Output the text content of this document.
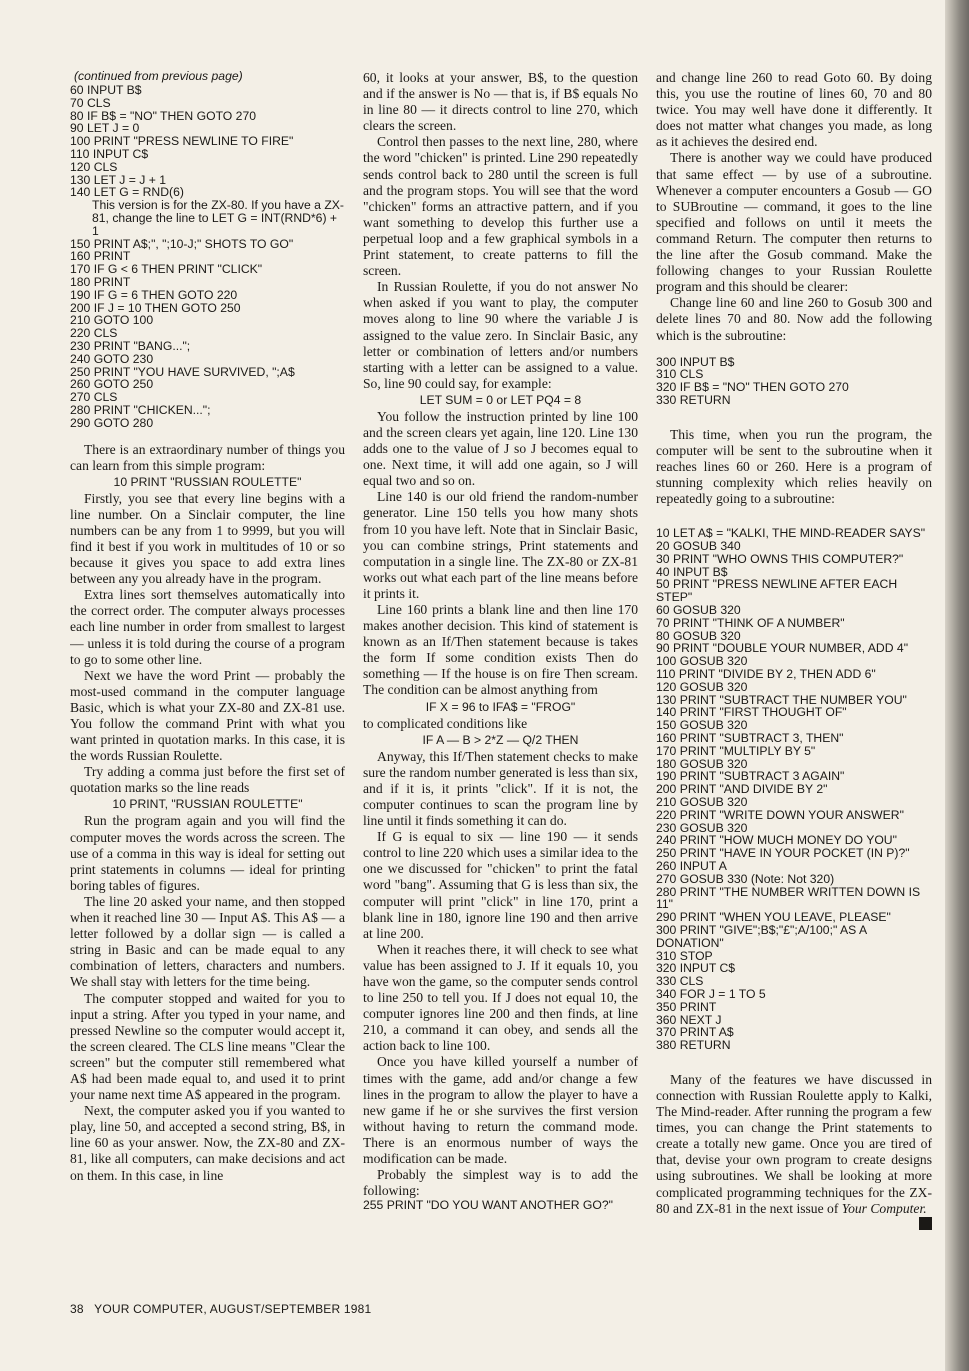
(continued from previous page)
60 INPUT B$
70 CLS
80 IF B$ = "NO" THEN GOTO 270
90 LET J = 0
100 PRINT "PRESS NEWLINE TO FIRE"
110 INPUT C$
120 CLS
130 LET J = J + 1
140 LET G = RND(6)
This version is for the ZX-80. If you have a ZX-81, change the line to LET G = INT(RND*6) + 1
150 PRINT A$;", ";10-J;" SHOTS TO GO"
160 PRINT
170 IF G < 6 THEN PRINT "CLICK"
180 PRINT
190 IF G = 6 THEN GOTO 220
200 IF J = 10 THEN GOTO 250
210 GOTO 100
220 CLS
230 PRINT "BANG...";
240 GOTO 230
250 PRINT "YOU HAVE SURVIVED, ";A$
260 GOTO 250
270 CLS
280 PRINT "CHICKEN...";
290 GOTO 280

There is an extraordinary number of things you can learn from this simple program:

10 PRINT "RUSSIAN ROULETTE"

Firstly, you see that every line begins with a line number. On a Sinclair computer, the line numbers can be any from 1 to 9999, but you will find it best if you work in multitudes of 10 or so because it gives you space to add extra lines between any you already have in the program.

Extra lines sort themselves automatically into the correct order. The computer always processes each line number in order from smallest to largest — unless it is told during the course of a program to go to some other line.

Next we have the word Print — probably the most-used command in the computer language Basic, which is what your ZX-80 and ZX-81 use. You follow the command Print with what you want printed in quotation marks. In this case, it is the words Russian Roulette.

Try adding a comma just before the first set of quotation marks so the line reads

10 PRINT, "RUSSIAN ROULETTE"

Run the program again and you will find the computer moves the words across the screen. The use of a comma in this way is ideal for setting out print statements in columns — ideal for printing boring tables of figures.

The line 20 asked your name, and then stopped when it reached line 30 — Input A$. This A$ — a letter followed by a dollar sign — is called a string in Basic and can be made equal to any combination of letters, characters and numbers. We shall stay with letters for the time being.

The computer stopped and waited for you to input a string. After you typed in your name, and pressed Newline so the computer would accept it, the screen cleared. The CLS line means "Clear the screen" but the computer still remembered what A$ had been made equal to, and used it to print your name next time A$ appeared in the program.

Next, the computer asked you if you wanted to play, line 50, and accepted a second string, B$, in line 60 as your answer. Now, the ZX-80 and ZX-81, like all computers, can make decisions and act on them. In this case, in line

60, it looks at your answer, B$, to the question and if the answer is No — that is, if B$ equals No in line 80 — it directs control to line 270, which clears the screen.

Control then passes to the next line, 280, where the word "chicken" is printed. Line 290 repeatedly sends control back to 280 until the screen is full and the program stops. You will see that the word "chicken" forms an attractive pattern, and if you want something to develop this further use a perpetual loop and a few graphical symbols in a Print statement, to create patterns to fill the screen.

In Russian Roulette, if you do not answer No when asked if you want to play, the computer moves along to line 90 where the variable J is assigned to the value zero. In Sinclair Basic, any letter or combination of letters and/or numbers starting with a letter can be assigned to a value. So, line 90 could say, for example:

LET SUM = 0 or LET PQ4 = 8

You follow the instruction printed by line 100 and the screen clears yet again, line 120. Line 130 adds one to the value of J so J becomes equal to one. Next time, it will add one again, so J will equal two and so on.

Line 140 is our old friend the random-number generator. Line 150 tells you how many shots from 10 you have left. Note that in Sinclair Basic, you can combine strings, Print statements and computation in a single line. The ZX-80 or ZX-81 works out what each part of the line means before it prints it.

Line 160 prints a blank line and then line 170 makes another decision. This kind of statement is known as an If/Then statement because is takes the form If some condition exists Then do something — If the house is on fire Then scream. The condition can be almost anything from

IF X = 96 to IFA$ = "FROG"

to complicated conditions like

IF A — B > 2*Z — Q/2 THEN

Anyway, this If/Then statement checks to make sure the random number generated is less than six, and if it is, it prints "click". If it is not, the computer continues to scan the program line by line until it finds something it can do.

If G is equal to six — line 190 — it sends control to line 220 which uses a similar idea to the one we discussed for "chicken" to print the fatal word "bang". Assuming that G is less than six, the computer will print "click" in line 170, print a blank line in 180, ignore line 190 and then arrive at line 200.

When it reaches there, it will check to see what value has been assigned to J. If it equals 10, you have won the game, so the computer sends control to line 250 to tell you. If J does not equal 10, the computer ignores line 200 and then finds, at line 210, a command it can obey, and sends all the action back to line 100.

Once you have killed yourself a number of times with the game, add and/or change a few lines in the program to allow the player to have a new game if he or she survives the first version without having to return the command mode. There is an enormous number of ways the modification can be made.

Probably the simplest way is to add the following:

255 PRINT "DO YOU WANT ANOTHER GO?"

and change line 260 to read Goto 60. By doing this, you use the routine of lines 60, 70 and 80 twice. You may well have done it differently. It does not matter what changes you made, as long as it achieves the desired end.

There is another way we could have produced that same effect — by use of a subroutine. Whenever a computer encounters a Gosub — GO to SUBroutine — command, it goes to the line specified and follows on until it meets the command Return. The computer then returns to the line after the Gosub command. Make the following changes to your Russian Roulette program and this should be clearer:

Change line 60 and line 260 to Gosub 300 and delete lines 70 and 80. Now add the following which is the subroutine:

300 INPUT B$
310 CLS
320 IF B$ = "NO" THEN GOTO 270
330 RETURN

This time, when you run the program, the computer will be sent to the subroutine when it reaches lines 60 or 260. Here is a program of stunning complexity which relies heavily on repeatedly going to a subroutine:

10 LET A$ = "KALKI, THE MIND-READER SAYS"
20 GOSUB 340
30 PRINT "WHO OWNS THIS COMPUTER?"
40 INPUT B$
50 PRINT "PRESS NEWLINE AFTER EACH STEP"
60 GOSUB 320
70 PRINT "THINK OF A NUMBER"
80 GOSUB 320
90 PRINT "DOUBLE YOUR NUMBER, ADD 4"
100 GOSUB 320
110 PRINT "DIVIDE BY 2, THEN ADD 6"
120 GOSUB 320
130 PRINT "SUBTRACT THE NUMBER YOU"
140 PRINT "FIRST THOUGHT OF"
150 GOSUB 320
160 PRINT "SUBTRACT 3, THEN"
170 PRINT "MULTIPLY BY 5"
180 GOSUB 320
190 PRINT "SUBTRACT 3 AGAIN"
200 PRINT "AND DIVIDE BY 2"
210 GOSUB 320
220 PRINT "WRITE DOWN YOUR ANSWER"
230 GOSUB 320
240 PRINT "HOW MUCH MONEY DO YOU"
250 PRINT "HAVE IN YOUR POCKET (IN P)?"
260 INPUT A
270 GOSUB 330 (Note: Not 320)
280 PRINT "THE NUMBER WRITTEN DOWN IS 11"
290 PRINT "WHEN YOU LEAVE, PLEASE"
300 PRINT "GIVE";B$;"£";A/100;" AS A DONATION"
310 STOP
320 INPUT C$
330 CLS
340 FOR J = 1 TO 5
350 PRINT
360 NEXT J
370 PRINT A$
380 RETURN

Many of the features we have discussed in connection with Russian Roulette apply to Kalki, The Mind-reader. After running the program a few times, you can change the Print statements to create a totally new game. Once you are tired of that, devise your own program to create designs using subroutines. We shall be looking at more complicated programming techniques for the ZX-80 and ZX-81 in the next issue of Your Computer.

38   YOUR COMPUTER, AUGUST/SEPTEMBER 1981
